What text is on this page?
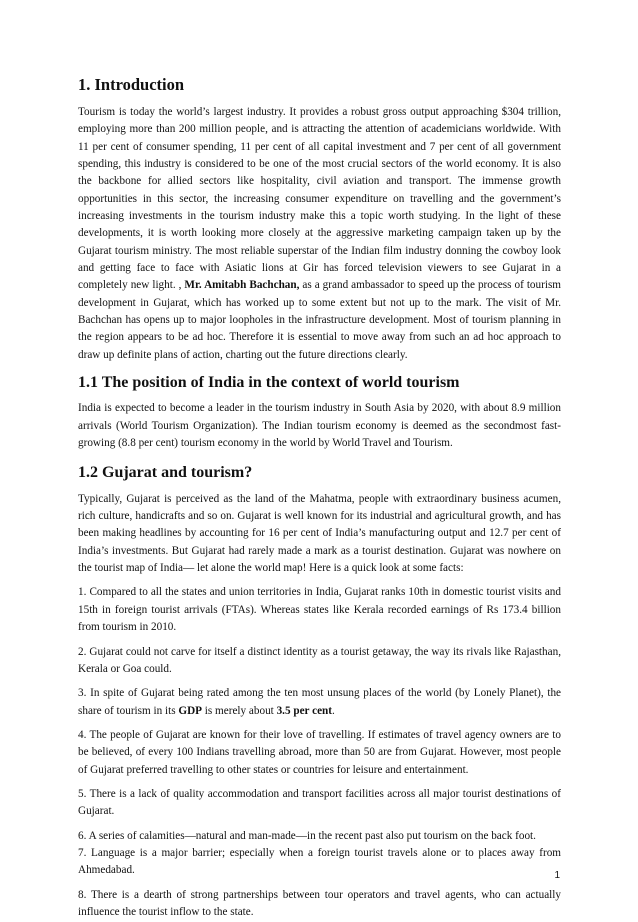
1. Introduction

Tourism is today the world’s largest industry. It provides a robust gross output approaching $304 trillion, employing more than 200 million people, and is attracting the attention of academicians worldwide. With 11 per cent of consumer spending, 11 per cent of all capital investment and 7 per cent of all government spending, this industry is considered to be one of the most crucial sectors of the world economy. It is also the backbone for allied sectors like hospitality, civil aviation and transport. The immense growth opportunities in this sector, the increasing consumer expenditure on travelling and the government’s increasing investments in the tourism industry make this a topic worth studying. In the light of these developments, it is worth looking more closely at the aggressive marketing campaign taken up by the Gujarat tourism ministry. The most reliable superstar of the Indian film industry donning the cowboy look and getting face to face with Asiatic lions at Gir has forced television viewers to see Gujarat in a completely new light. , Mr. Amitabh Bachchan, as a grand ambassador to speed up the process of tourism development in Gujarat, which has worked up to some extent but not up to the mark. The visit of Mr. Bachchan has opens up to major loopholes in the infrastructure development. Most of tourism planning in the region appears to be ad hoc. Therefore it is essential to move away from such an ad hoc approach to draw up definite plans of action, charting out the future directions clearly.

1.1 The position of India in the context of world tourism

India is expected to become a leader in the tourism industry in South Asia by 2020, with about 8.9 million arrivals (World Tourism Organization). The Indian tourism economy is deemed as the secondmost fast-growing (8.8 per cent) tourism economy in the world by World Travel and Tourism.

1.2 Gujarat and tourism?

Typically, Gujarat is perceived as the land of the Mahatma, people with extraordinary business acumen, rich culture, handicrafts and so on. Gujarat is well known for its industrial and agricultural growth, and has been making headlines by accounting for 16 per cent of India’s manufacturing output and 12.7 per cent of India’s investments. But Gujarat had rarely made a mark as a tourist destination. Gujarat was nowhere on the tourist map of India— let alone the world map! Here is a quick look at some facts:

1. Compared to all the states and union territories in India, Gujarat ranks 10th in domestic tourist visits and 15th in foreign tourist arrivals (FTAs). Whereas states like Kerala recorded earnings of Rs 173.4 billion from tourism in 2010.

2. Gujarat could not carve for itself a distinct identity as a tourist getaway, the way its rivals like Rajasthan, Kerala or Goa could.

3. In spite of Gujarat being rated among the ten most unsung places of the world (by Lonely Planet), the share of tourism in its GDP is merely about 3.5 per cent.

4. The people of Gujarat are known for their love of travelling. If estimates of travel agency owners are to be believed, of every 100 Indians travelling abroad, more than 50 are from Gujarat. However, most people of Gujarat preferred travelling to other states or countries for leisure and entertainment.

5. There is a lack of quality accommodation and transport facilities across all major tourist destinations of Gujarat.

6. A series of calamities—natural and man-made—in the recent past also put tourism on the back foot.

7. Language is a major barrier; especially when a foreign tourist travels alone or to places away from Ahmedabad.

8. There is a dearth of strong partnerships between tour operators and travel agents, who can actually influence the tourist inflow to the state.

1
